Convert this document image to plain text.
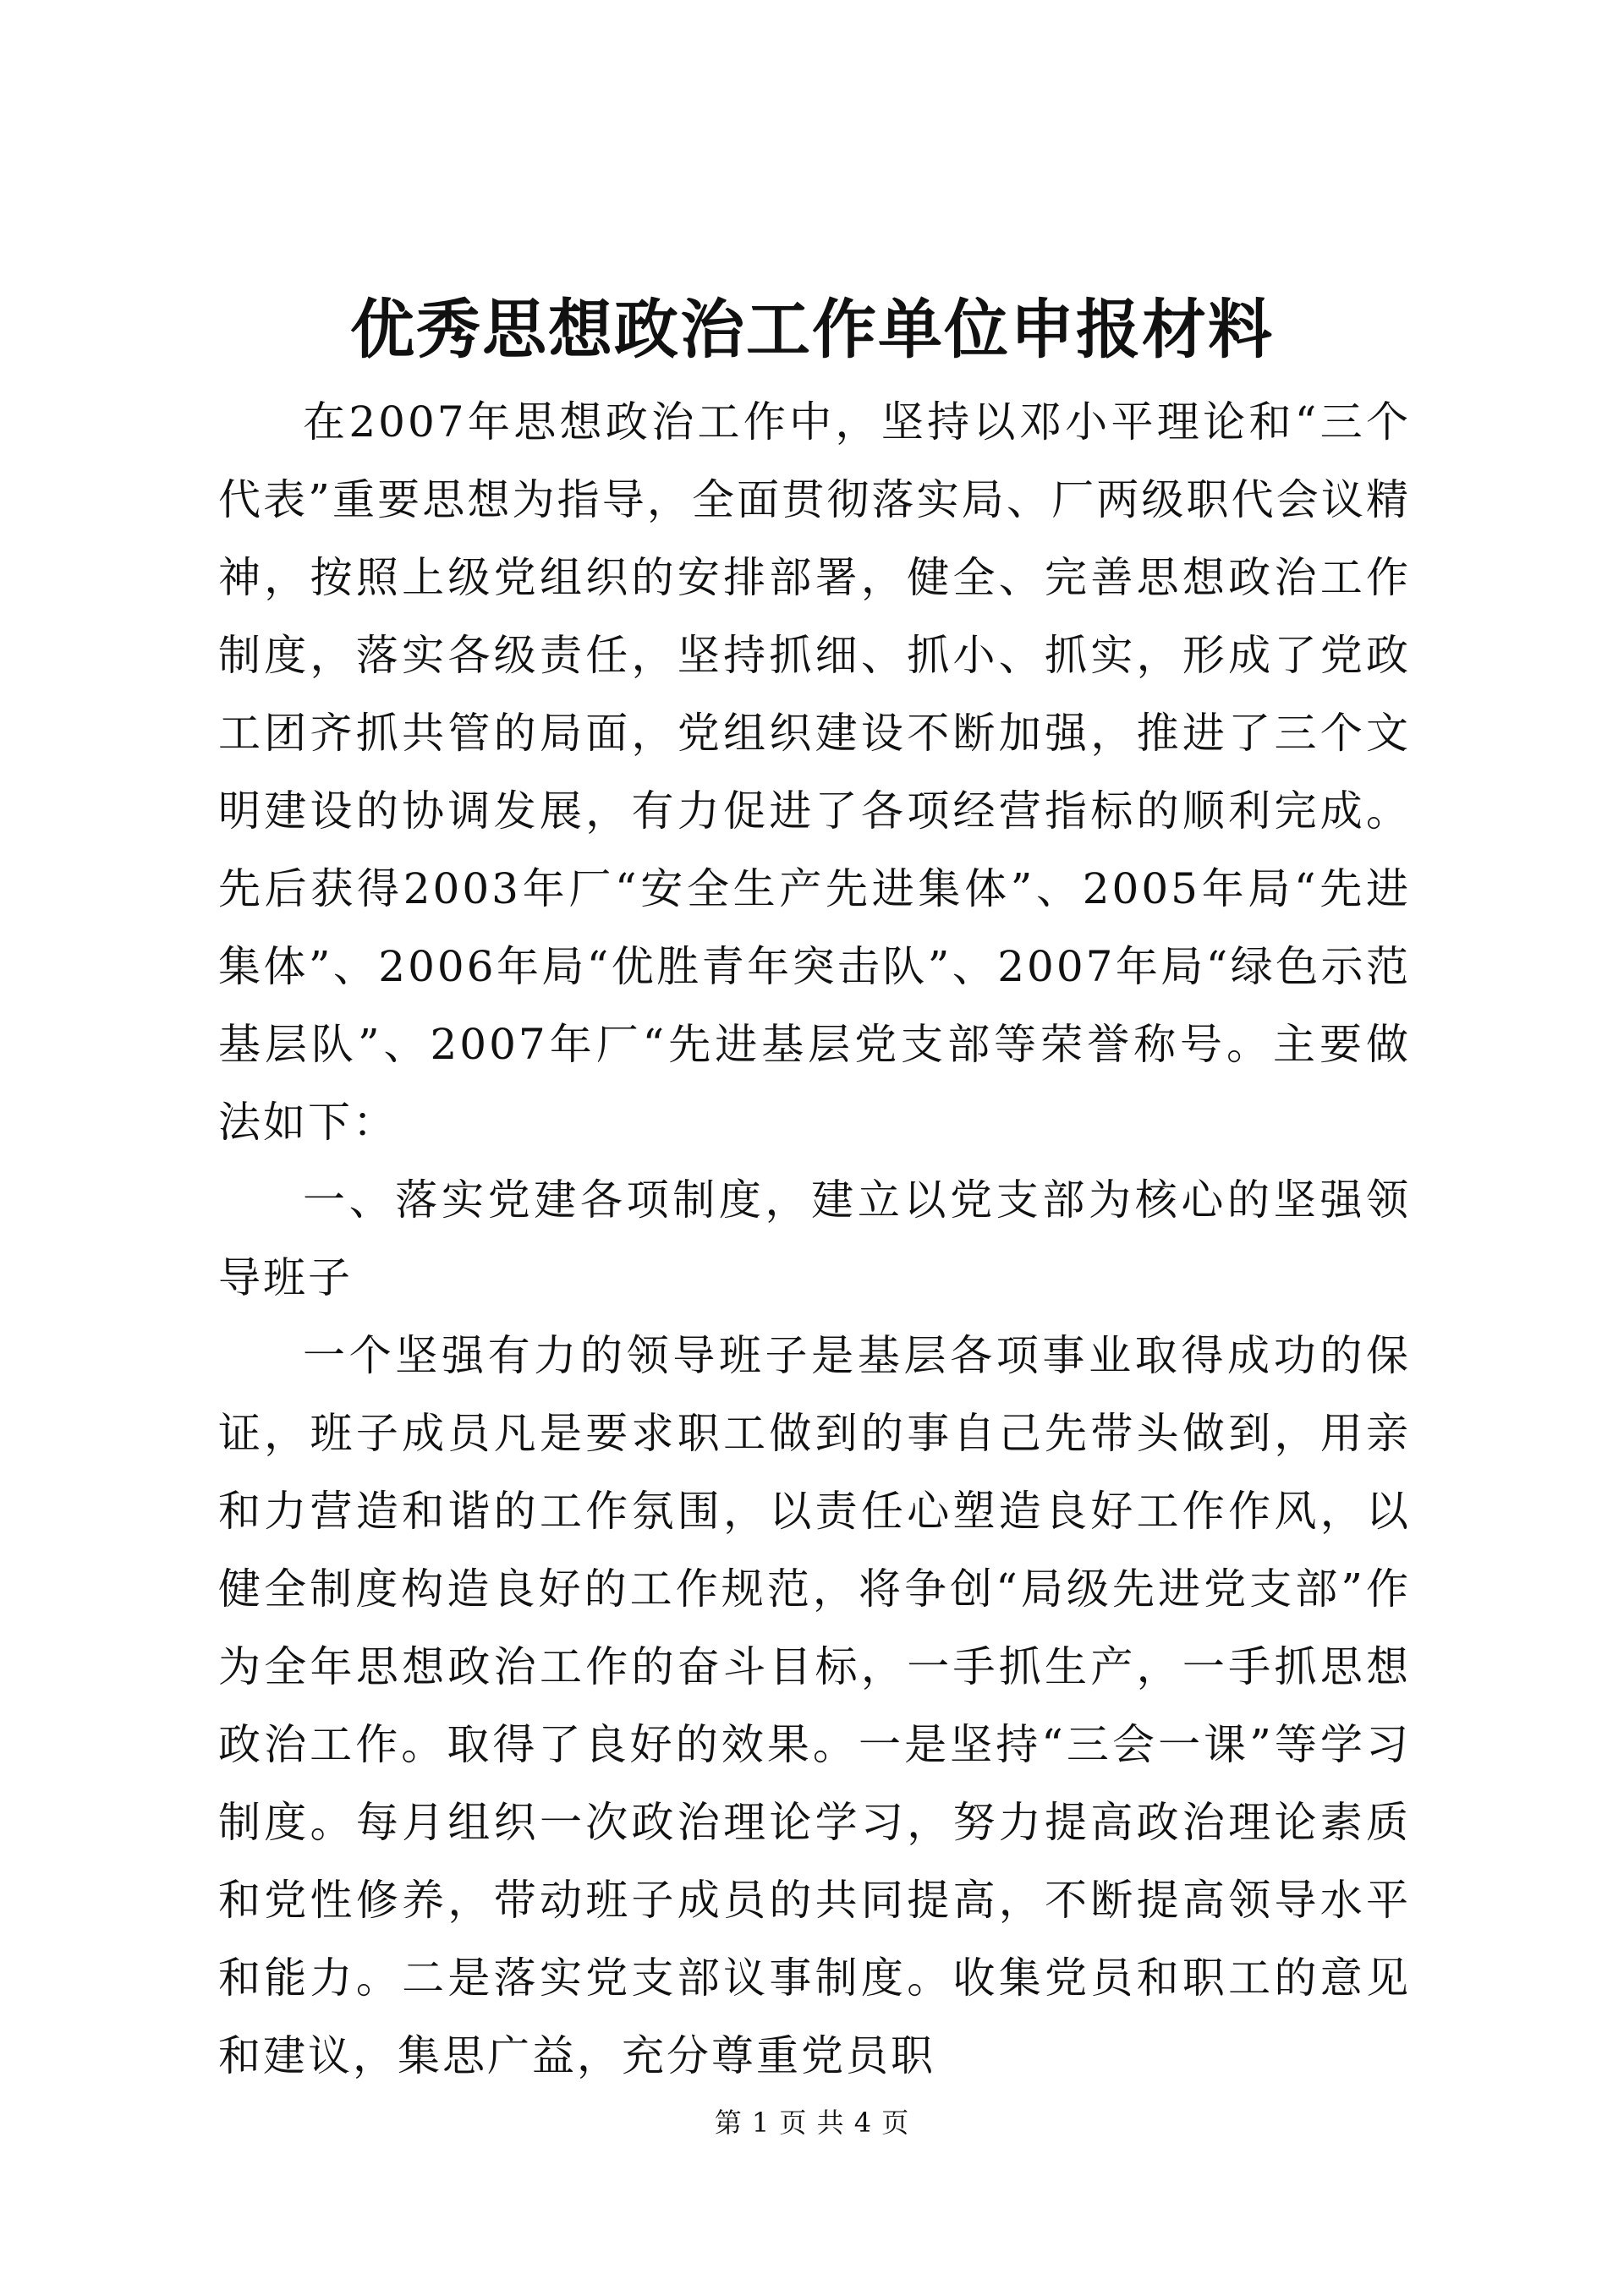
优秀思想政治工作单位申报材料

在2007年思想政治工作中，坚持以邓小平理论和“三个代表”重要思想为指导，全面贯彻落实局、厂两级职代会议精神，按照上级党组织的安排部署，健全、完善思想政治工作制度，落实各级责任，坚持抓细、抓小、抓实，形成了党政工团齐抓共管的局面，党组织建设不断加强，推进了三个文明建设的协调发展，有力促进了各项经营指标的顺利完成。先后获得2003年厂“安全生产先进集体”、2005年局“先进集体”、2006年局“优胜青年突击队”、2007年局“绿色示范基层队”、2007年厂“先进基层党支部等荣誉称号。主要做法如下：

一、落实党建各项制度，建立以党支部为核心的坚强领导班子

一个坚强有力的领导班子是基层各项事业取得成功的保证，班子成员凡是要求职工做到的事自己先带头做到，用亲和力营造和谐的工作氛围，以责任心塑造良好工作作风，以健全制度构造良好的工作规范，将争创“局级先进党支部”作为全年思想政治工作的奋斗目标，一手抓生产，一手抓思想政治工作。取得了良好的效果。一是坚持“三会一课”等学习制度。每月组织一次政治理论学习，努力提高政治理论素质和党性修养，带动班子成员的共同提高，不断提高领导水平和能力。二是落实党支部议事制度。收集党员和职工的意见和建议，集思广益，充分尊重党员职

第 1 页 共 4 页
